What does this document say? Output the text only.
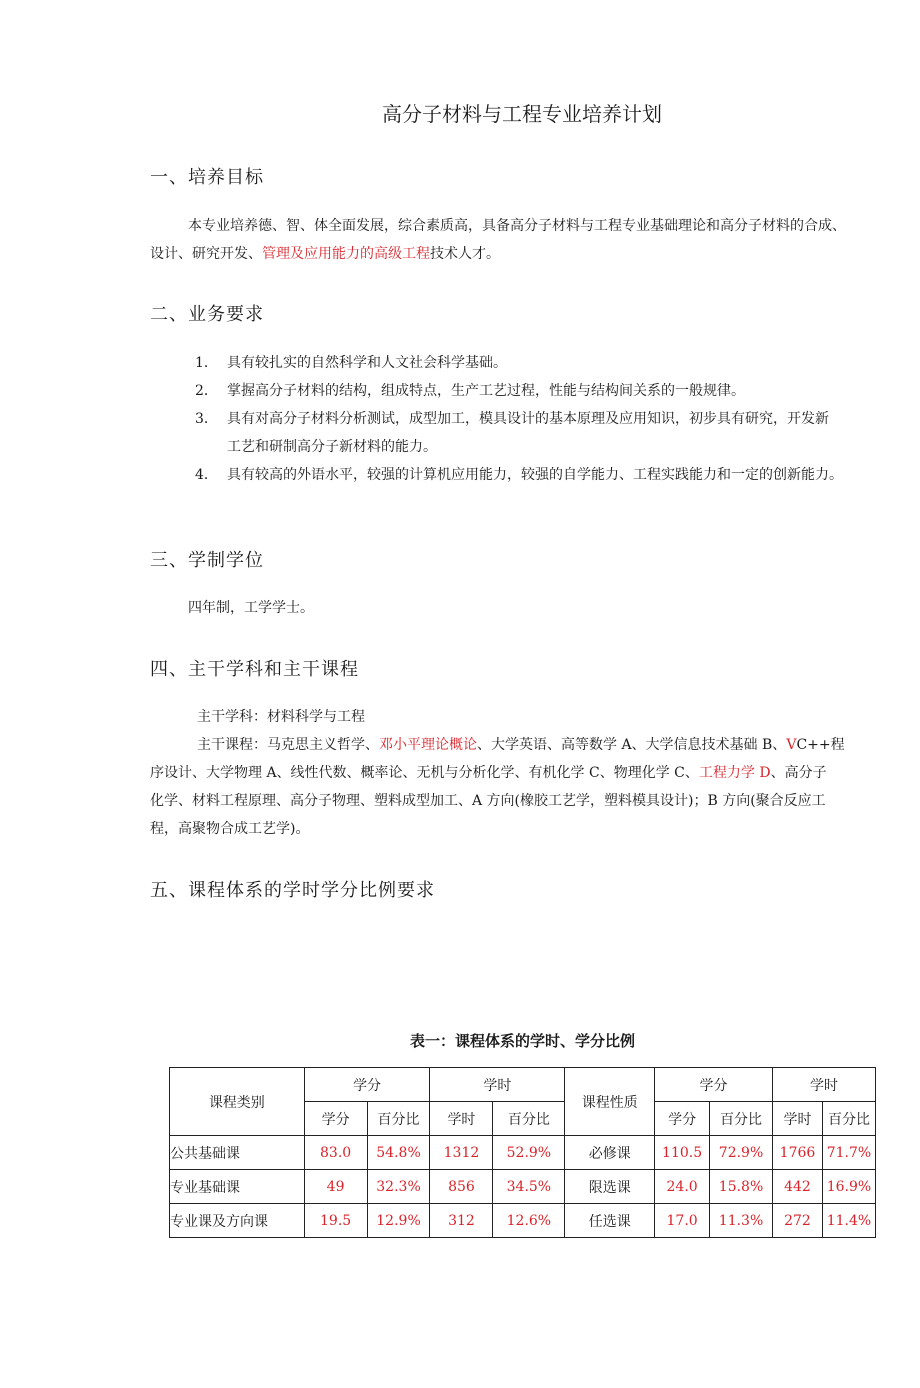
高分子材料与工程专业培养计划
一、培养目标
本专业培养德、智、体全面发展，综合素质高，具备高分子材料与工程专业基础理论和高分子材料的合成、
设计、研究开发、管理及应用能力的高级工程技术人才。
二、业务要求
1． 具有较扎实的自然科学和人文社会科学基础。
2． 掌握高分子材料的结构，组成特点，生产工艺过程，性能与结构间关系的一般规律。
3． 具有对高分子材料分析测试，成型加工，模具设计的基本原理及应用知识，初步具有研究，开发新
工艺和研制高分子新材料的能力。
4． 具有较高的外语水平，较强的计算机应用能力，较强的自学能力、工程实践能力和一定的创新能力。
三、学制学位
四年制，工学学士。
四、主干学科和主干课程
主干学科：材料科学与工程
主干课程：马克思主义哲学、邓小平理论概论、大学英语、高等数学 A、大学信息技术基础 B、VC++程
序设计、大学物理 A、线性代数、概率论、无机与分析化学、有机化学 C、物理化学 C、工程力学 D、高分子
化学、材料工程原理、高分子物理、塑料成型加工、A 方向(橡胶工艺学，塑料模具设计)；B 方向(聚合反应工
程，高聚物合成工艺学)。
五、课程体系的学时学分比例要求
表一：课程体系的学时、学分比例
课程类别	学分		学时		课程性质	学分		学时	
	学分	百分比	学时	百分比		学分	百分比	学时	百分比
公共基础课	83.0	54.8%	1312	52.9%	必修课	110.5	72.9%	1766	71.7%
专业基础课	49	32.3%	856	34.5%	限选课	24.0	15.8%	442	16.9%
专业课及方向课	19.5	12.9%	312	12.6%	任选课	17.0	11.3%	272	11.4%
